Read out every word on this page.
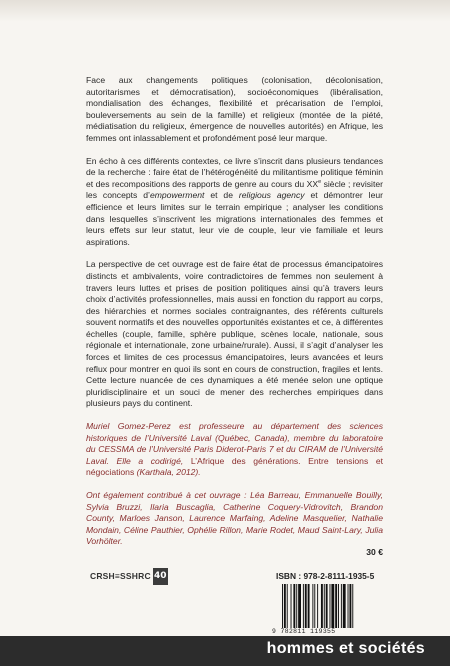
Face aux changements politiques (colonisation, décolonisation, autoritarismes et démocratisation), socioéconomiques (libéralisation, mondialisation des échanges, flexibilité et précarisation de l’emploi, bouleversements au sein de la famille) et religieux (montée de la piété, médiatisation du religieux, émergence de nouvelles autorités) en Afrique, les femmes ont inlassablement et profondément posé leur marque.

En écho à ces différents contextes, ce livre s’inscrit dans plusieurs tendances de la recherche : faire état de l’hétérogénéité du militantisme politique féminin et des recompositions des rapports de genre au cours du XXe siècle ; revisiter les concepts d’empowerment et de religious agency et démontrer leur efficience et leurs limites sur le terrain empirique ; analyser les conditions dans lesquelles s’inscrivent les migrations internationales des femmes et leurs effets sur leur statut, leur vie de couple, leur vie familiale et leurs aspirations.

La perspective de cet ouvrage est de faire état de processus émancipatoires distincts et ambivalents, voire contradictoires de femmes non seulement à travers leurs luttes et prises de position politiques ainsi qu’à travers leurs choix d’activités professionnelles, mais aussi en fonction du rapport au corps, des hiérarchies et normes sociales contraignantes, des référents culturels souvent normatifs et des nouvelles opportunités existantes et ce, à différentes échelles (couple, famille, sphère publique, scènes locale, nationale, sous régionale et internationale, zone urbaine/rurale). Aussi, il s’agit d’analyser les forces et limites de ces processus émancipatoires, leurs avancées et leurs reflux pour montrer en quoi ils sont en cours de construction, fragiles et lents. Cette lecture nuancée de ces dynamiques a été menée selon une optique pluridisciplinaire et un souci de mener des recherches empiriques dans plusieurs pays du continent.

Muriel Gomez-Perez est professeure au département des sciences historiques de l’Université Laval (Québec, Canada), membre du laboratoire du CESSMA de l’Université Paris Diderot-Paris 7 et du CIRAM de l’Université Laval. Elle a codirigé, L’Afrique des générations. Entre tensions et négociations (Karthala, 2012).

Ont également contribué à cet ouvrage : Léa Barreau, Emmanuelle Bouilly, Sylvia Bruzzi, Ilaria Buscaglia, Catherine Coquery-Vidrovitch, Brandon County, Marloes Janson, Laurence Marfaing, Adeline Masquelier, Nathalie Mondain, Céline Pauthier, Ophélie Rillon, Marie Rodet, Maud Saint-Lary, Julia Vorhölter.

30 €
CRSH≡SSHRC 40	ISBN : 978-2-8111-1935-5
9 782811 119355
hommes et sociétés
